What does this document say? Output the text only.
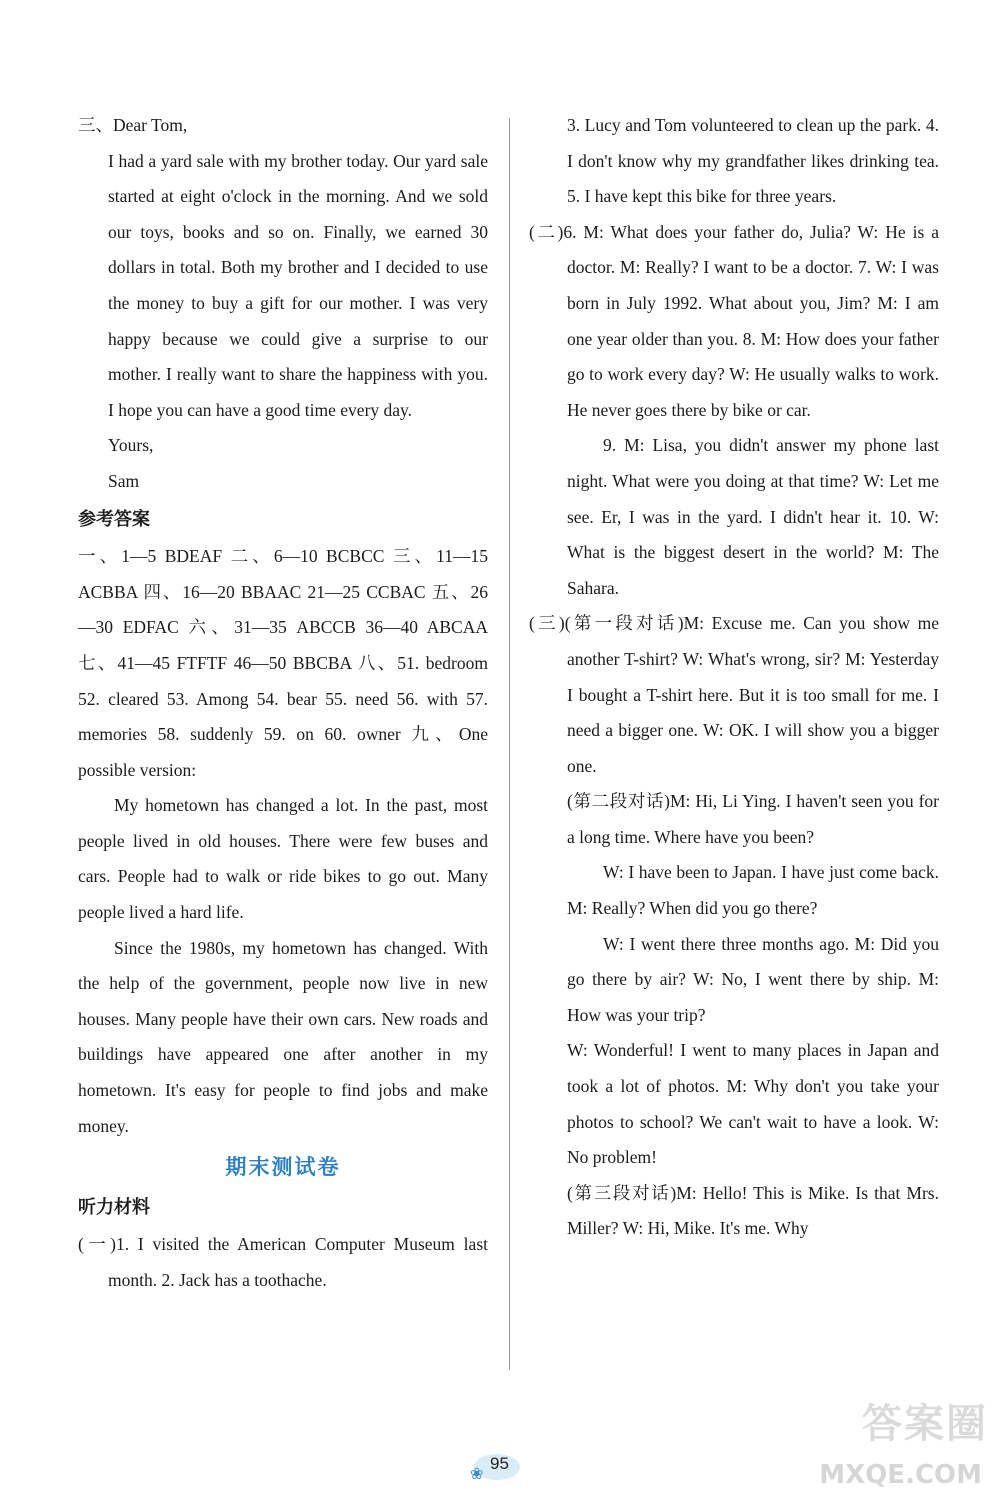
三、Dear Tom,

I had a yard sale with my brother today. Our yard sale started at eight o'clock in the morning. And we sold our toys, books and so on. Finally, we earned 30 dollars in total. Both my brother and I decided to use the money to buy a gift for our mother. I was very happy because we could give a surprise to our mother. I really want to share the happiness with you. I hope you can have a good time every day.

Yours,

Sam

参考答案

一、1—5 BDEAF 二、6—10 BCBCC 三、11—15 ACBBA 四、16—20 BBAAC 21—25 CCBAC 五、26—30 EDFAC 六、31—35 ABCCB 36—40 ABCAA 七、41—45 FTFTF 46—50 BBCBA 八、51. bedroom 52. cleared 53. Among 54. bear 55. need 56. with 57. memories 58. suddenly 59. on 60. owner 九、One possible version:

My hometown has changed a lot. In the past, most people lived in old houses. There were few buses and cars. People had to walk or ride bikes to go out. Many people lived a hard life.

Since the 1980s, my hometown has changed. With the help of the government, people now live in new houses. Many people have their own cars. New roads and buildings have appeared one after another in my hometown. It's easy for people to find jobs and make money.

期末测试卷

听力材料

(一)1. I visited the American Computer Museum last month. 2. Jack has a toothache.

3. Lucy and Tom volunteered to clean up the park. 4. I don't know why my grandfather likes drinking tea. 5. I have kept this bike for three years.

(二)6. M: What does your father do, Julia? W: He is a doctor. M: Really? I want to be a doctor. 7. W: I was born in July 1992. What about you, Jim? M: I am one year older than you. 8. M: How does your father go to work every day? W: He usually walks to work. He never goes there by bike or car.

9. M: Lisa, you didn't answer my phone last night. What were you doing at that time? W: Let me see. Er, I was in the yard. I didn't hear it. 10. W: What is the biggest desert in the world? M: The Sahara.

(三)(第一段对话)M: Excuse me. Can you show me another T-shirt? W: What's wrong, sir? M: Yesterday I bought a T-shirt here. But it is too small for me. I need a bigger one. W: OK. I will show you a bigger one.

(第二段对话)M: Hi, Li Ying. I haven't seen you for a long time. Where have you been?

W: I have been to Japan. I have just come back. M: Really? When did you go there?

W: I went there three months ago. M: Did you go there by air? W: No, I went there by ship. M: How was your trip?

W: Wonderful! I went to many places in Japan and took a lot of photos. M: Why don't you take your photos to school? We can't wait to have a look. W: No problem!

(第三段对话)M: Hello! This is Mike. Is that Mrs. Miller? W: Hi, Mike. It's me. Why

❀
95
答案圈
MXQE.COM
